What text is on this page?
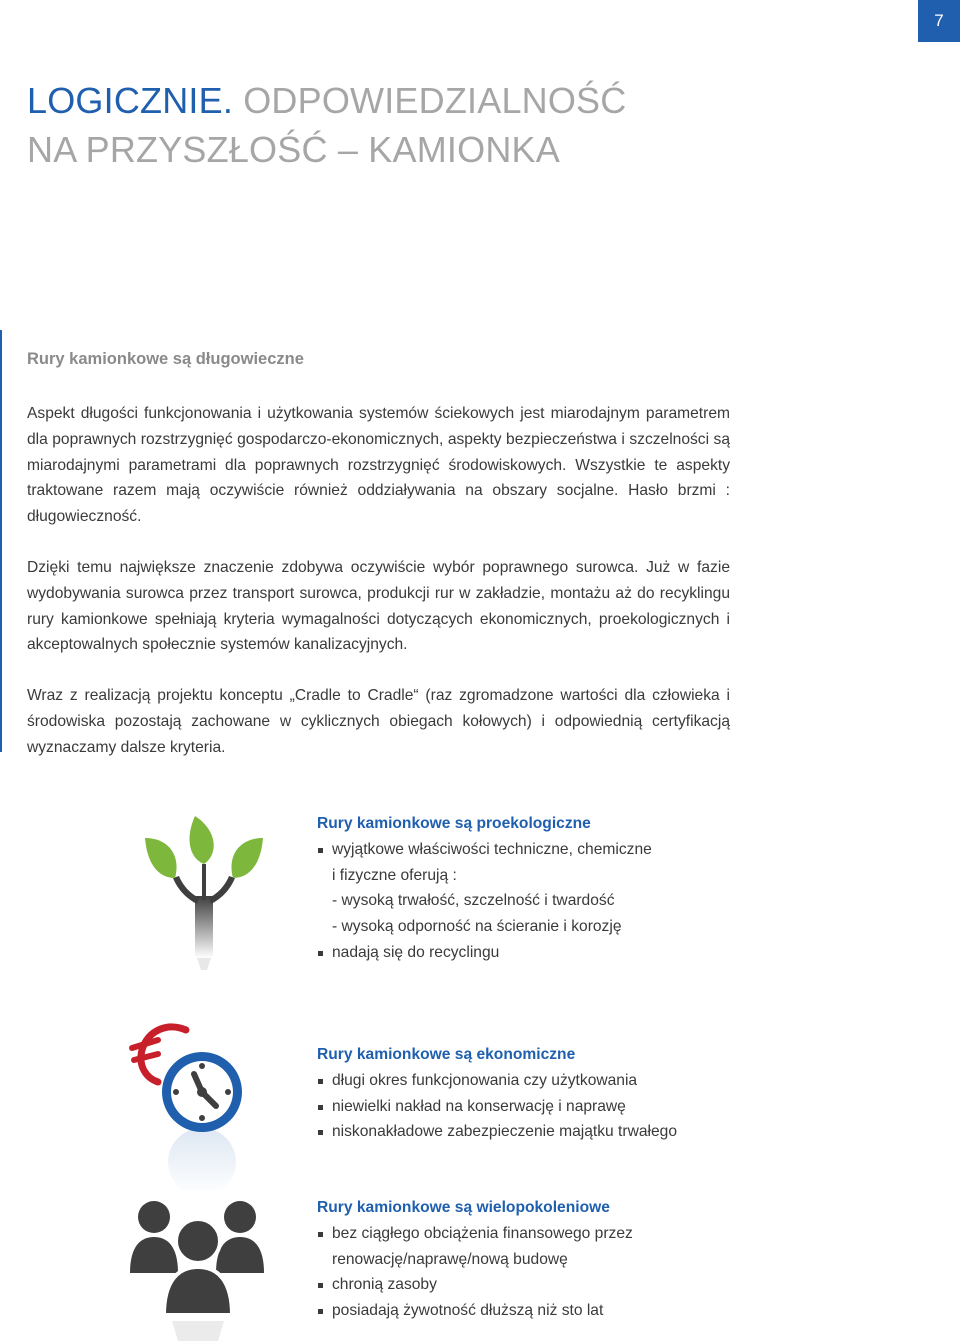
7
LOGICZNIE. ODPOWIEDZIALNOŚĆ
NA PRZYSZŁOŚĆ – KAMIONKA
Rury kamionkowe są długowieczne

Aspekt długości funkcjonowania i użytkowania systemów ściekowych jest miarodajnym parametrem dla poprawnych rozstrzygnięć gospodarczo-ekonomicznych, aspekty bezpieczeństwa i szczelności są miarodajnymi parametrami dla poprawnych rozstrzygnięć środowiskowych. Wszystkie te aspekty traktowane razem mają oczywiście również oddziaływania na obszary socjalne. Hasło brzmi : długowieczność.

Dzięki temu największe znaczenie zdobywa oczywiście wybór poprawnego surowca. Już w fazie wydobywania surowca przez transport surowca, produkcji rur w zakładzie, montażu aż do recyklingu rury kamionkowe spełniają kryteria wymagalności dotyczących ekonomicznych, proekologicznych i akceptowalnych społecznie systemów kanalizacyjnych.

Wraz z realizacją projektu konceptu „Cradle to Cradle“ (raz zgromadzone wartości dla człowieka i środowiska pozostają zachowane w cyklicznych obiegach kołowych) i odpowiednią certyfikacją wyznaczamy dalsze kryteria.

Rury kamionkowe są proekologiczne
wyjątkowe właściwości techniczne, chemiczne
i fizyczne oferują :
- wysoką trwałość, szczelność i twardość
- wysoką odporność na ścieranie i korozję
nadają się do recyclingu
Rury kamionkowe są ekonomiczne
długi okres funkcjonowania czy użytkowania
niewielki nakład na konserwację i naprawę
niskonakładowe zabezpieczenie majątku trwałego
Rury kamionkowe są wielopokoleniowe
bez ciągłego obciążenia finansowego przez
renowację/naprawę/nową budowę
chronią zasoby
posiadają żywotność dłuższą niż sto lat
